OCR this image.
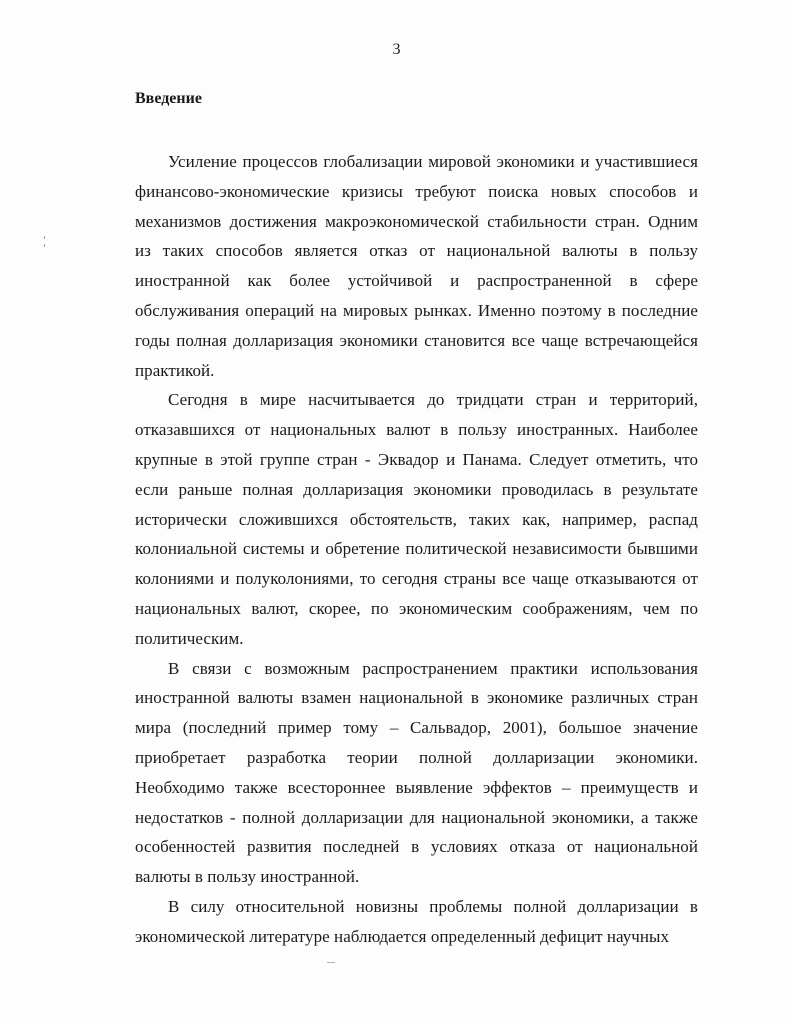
3
Введение

Усиление процессов глобализации мировой экономики и участившиеся финансово-экономические кризисы требуют поиска новых способов и механизмов достижения макроэкономической стабильности стран. Одним из таких способов является отказ от национальной валюты в пользу иностранной как более устойчивой и распространенной в сфере обслуживания операций на мировых рынках. Именно поэтому в последние годы полная долларизация экономики становится все чаще встречающейся практикой.

Сегодня в мире насчитывается до тридцати стран и территорий, отказавшихся от национальных валют в пользу иностранных. Наиболее крупные в этой группе стран - Эквадор и Панама. Следует отметить, что если раньше полная долларизация экономики проводилась в результате исторически сложившихся обстоятельств, таких как, например, распад колониальной системы и обретение политической независимости бывшими колониями и полуколониями, то сегодня страны все чаще отказываются от национальных валют, скорее, по экономическим соображениям, чем по политическим.

В связи с возможным распространением практики использования иностранной валюты взамен национальной в экономике различных стран мира (последний пример тому – Сальвадор, 2001), большое значение приобретает разработка теории полной долларизации экономики. Необходимо также всестороннее выявление эффектов – преимуществ и недостатков - полной долларизации для национальной экономики, а также особенностей развития последней в условиях отказа от национальной валюты в пользу иностранной.

В силу относительной новизны проблемы полной долларизации в экономической литературе наблюдается определенный дефицит научных
